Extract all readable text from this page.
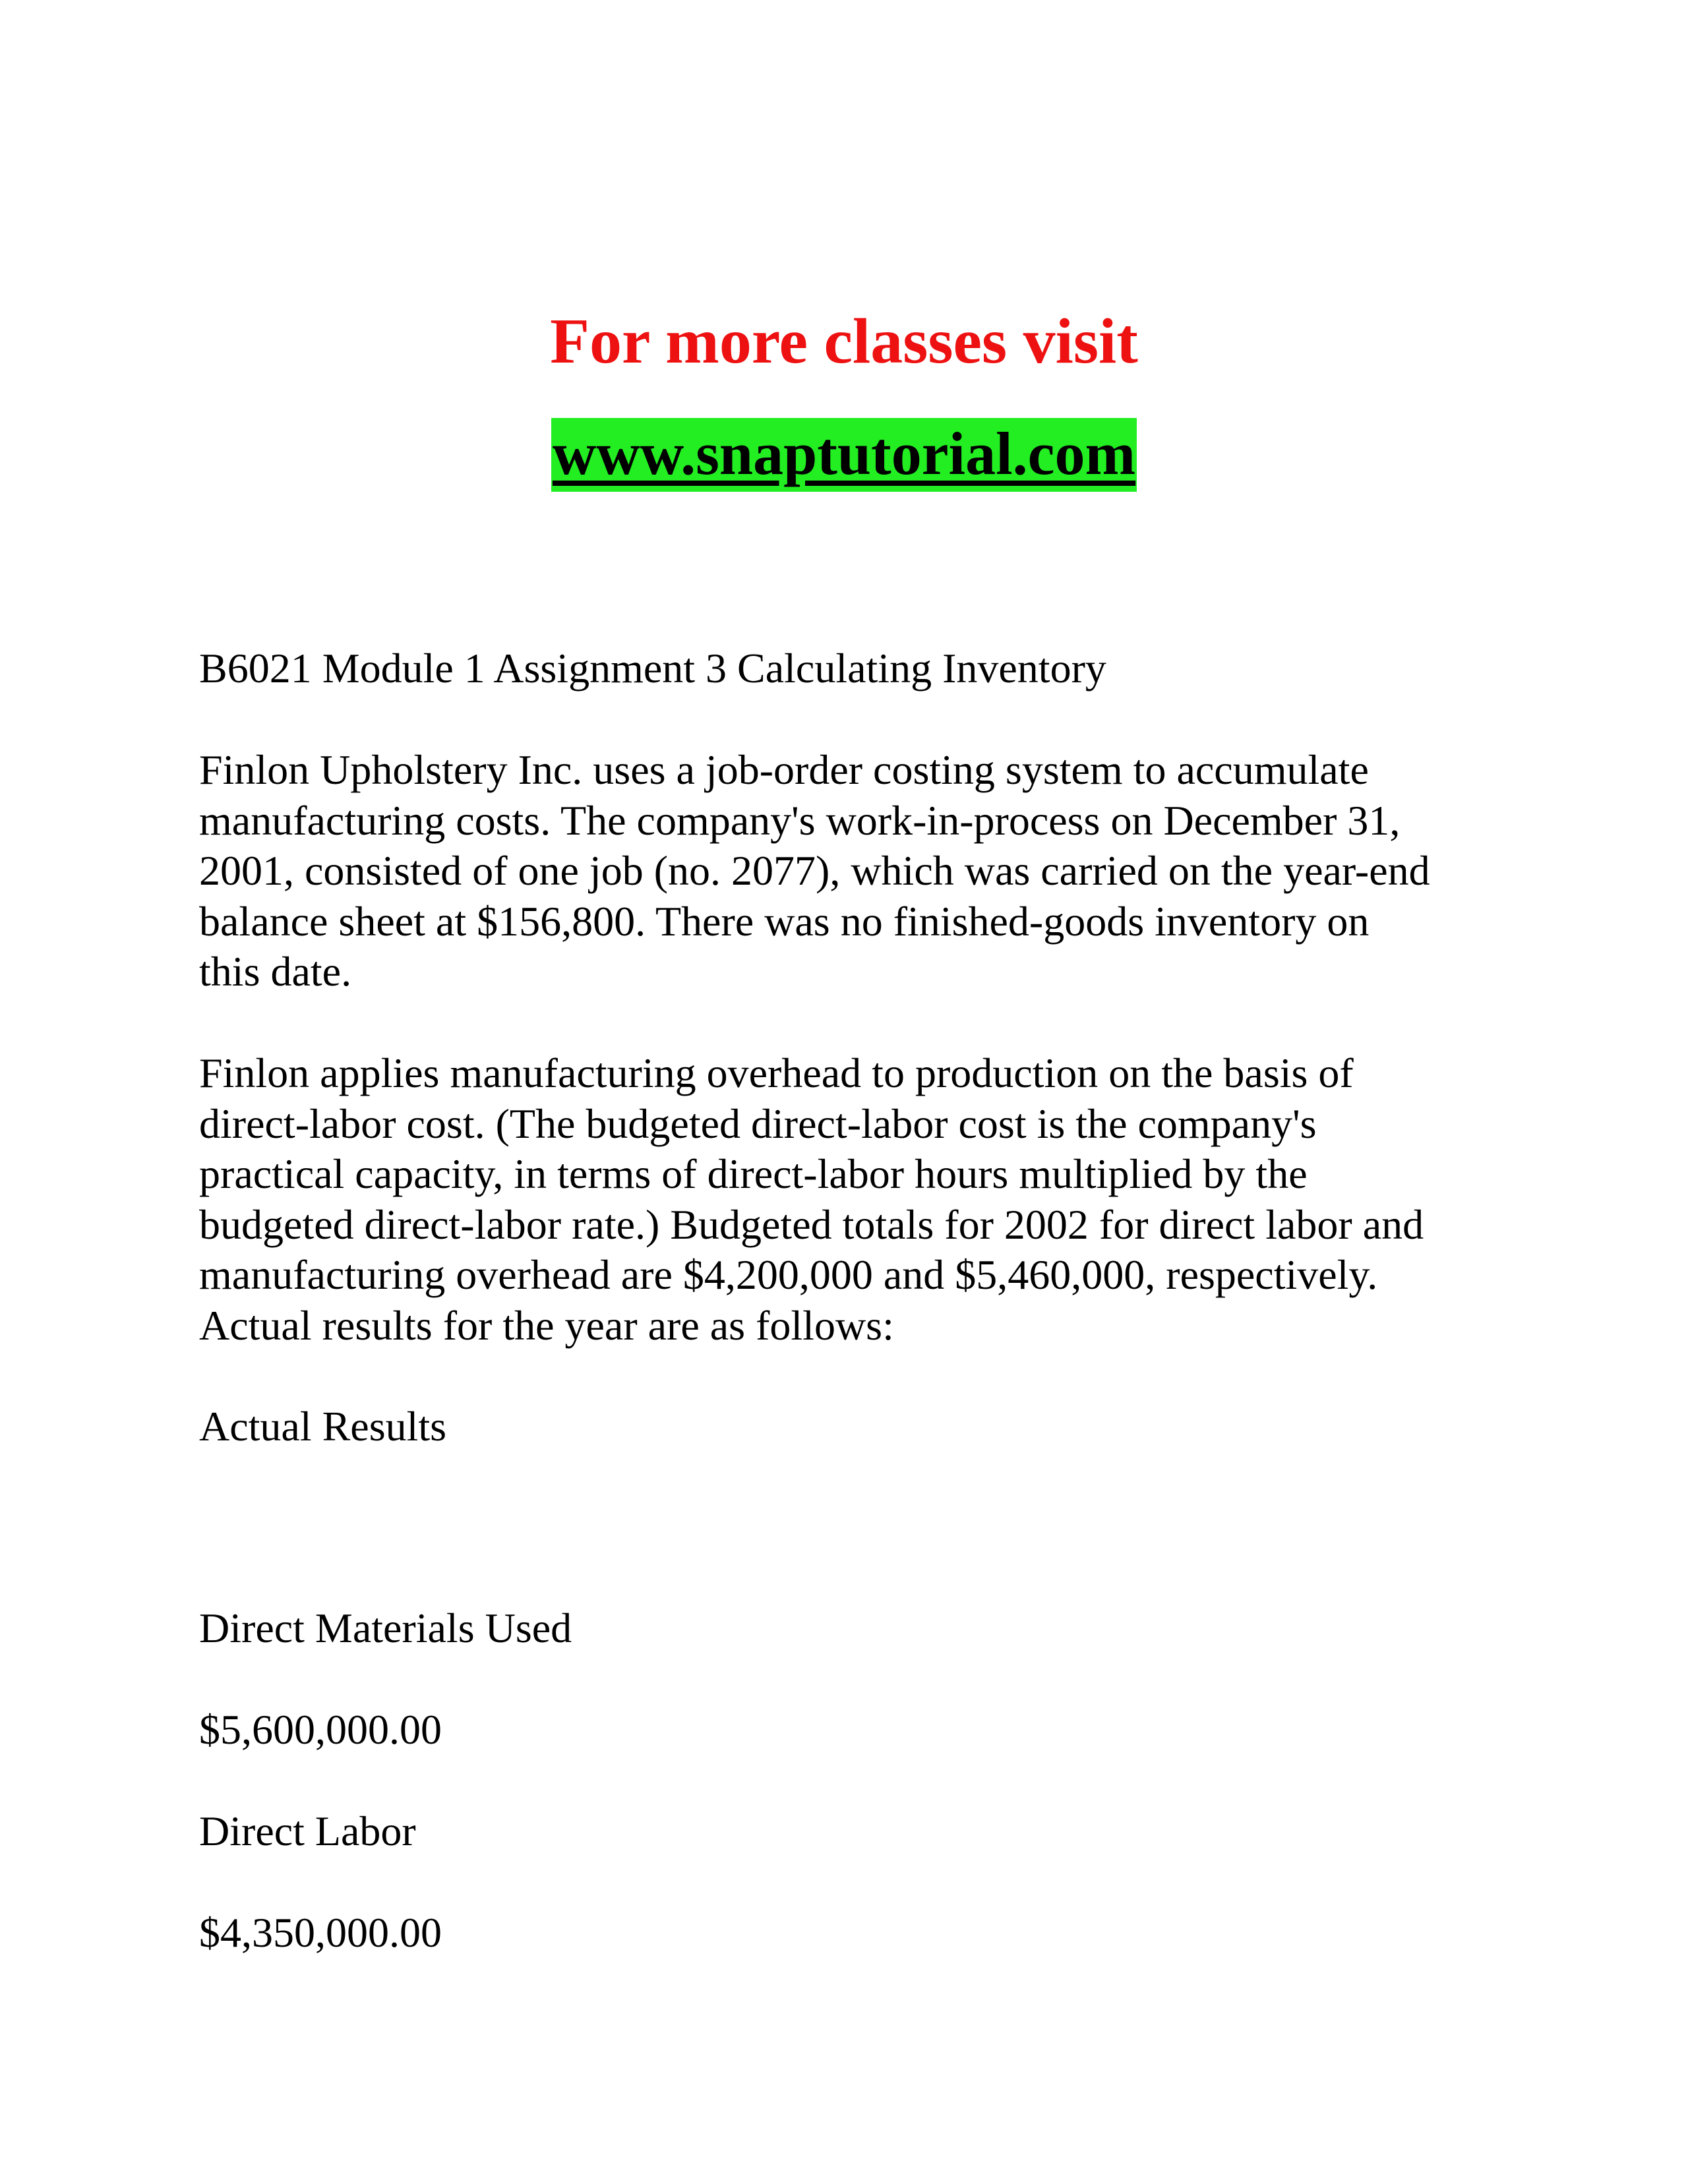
For more classes visit
www.snaptutorial.com

B6021 Module 1 Assignment 3 Calculating Inventory

Finlon Upholstery Inc. uses a job-order costing system to accumulate
manufacturing costs. The company's work-in-process on December 31,
2001, consisted of one job (no. 2077), which was carried on the year-end
balance sheet at $156,800. There was no finished-goods inventory on
this date.

Finlon applies manufacturing overhead to production on the basis of
direct-labor cost. (The budgeted direct-labor cost is the company's
practical capacity, in terms of direct-labor hours multiplied by the
budgeted direct-labor rate.) Budgeted totals for 2002 for direct labor and
manufacturing overhead are $4,200,000 and $5,460,000, respectively.
Actual results for the year are as follows:

Actual Results

Direct Materials Used

$5,600,000.00

Direct Labor

$4,350,000.00
